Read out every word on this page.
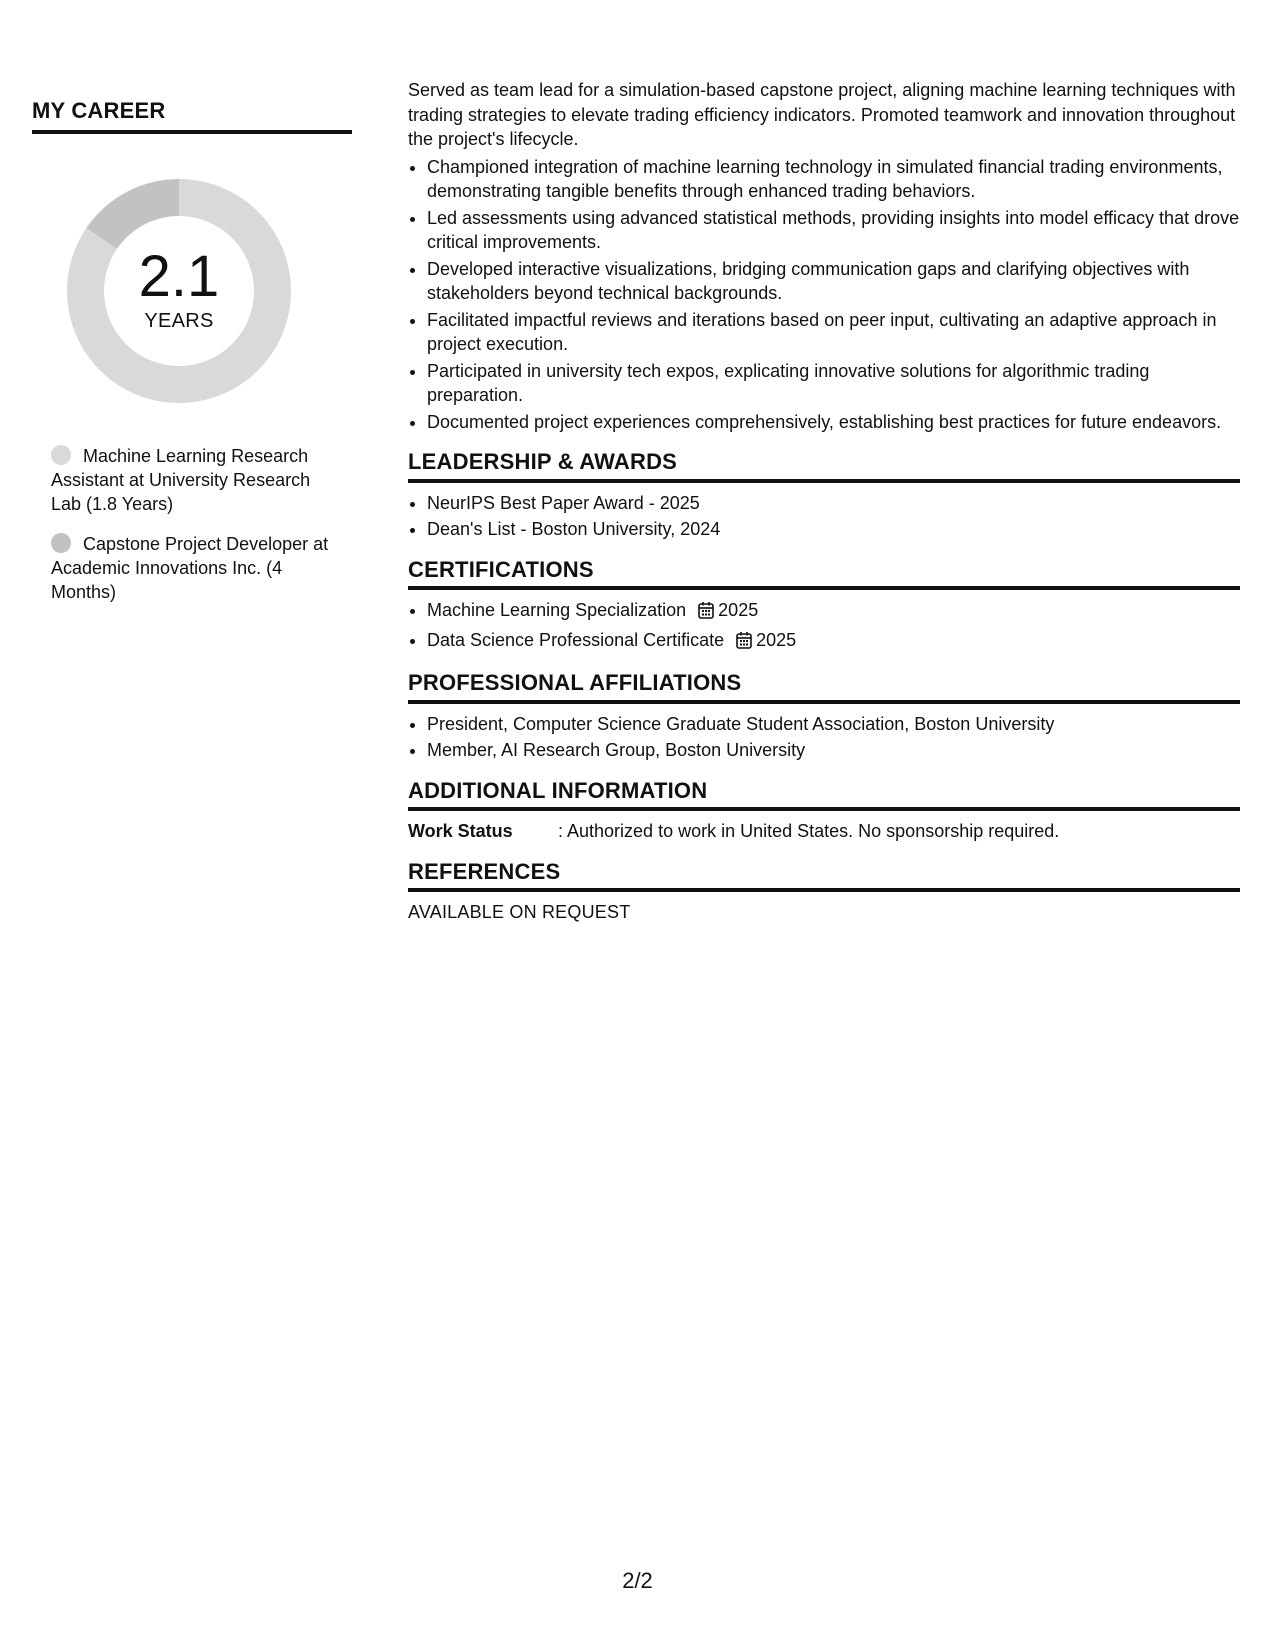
MY CAREER
2.1
YEARS
Machine Learning Research Assistant at University Research Lab (1.8 Years)
Capstone Project Developer at Academic Innovations Inc. (4 Months)

Served as team lead for a simulation-based capstone project, aligning machine learning techniques with trading strategies to elevate trading efficiency indicators. Promoted teamwork and innovation throughout the project's lifecycle.

• Championed integration of machine learning technology in simulated financial trading environments, demonstrating tangible benefits through enhanced trading behaviors.
• Led assessments using advanced statistical methods, providing insights into model efficacy that drove critical improvements.
• Developed interactive visualizations, bridging communication gaps and clarifying objectives with stakeholders beyond technical backgrounds.
• Facilitated impactful reviews and iterations based on peer input, cultivating an adaptive approach in project execution.
• Participated in university tech expos, explicating innovative solutions for algorithmic trading preparation.
• Documented project experiences comprehensively, establishing best practices for future endeavors.
LEADERSHIP & AWARDS
• NeurIPS Best Paper Award - 2025
• Dean's List - Boston University, 2024
CERTIFICATIONS
• Machine Learning Specialization 2025
• Data Science Professional Certificate 2025
PROFESSIONAL AFFILIATIONS
• President, Computer Science Graduate Student Association, Boston University
• Member, AI Research Group, Boston University
ADDITIONAL INFORMATION
Work Status	: Authorized to work in United States. No sponsorship required.
REFERENCES
AVAILABLE ON REQUEST
2/2
